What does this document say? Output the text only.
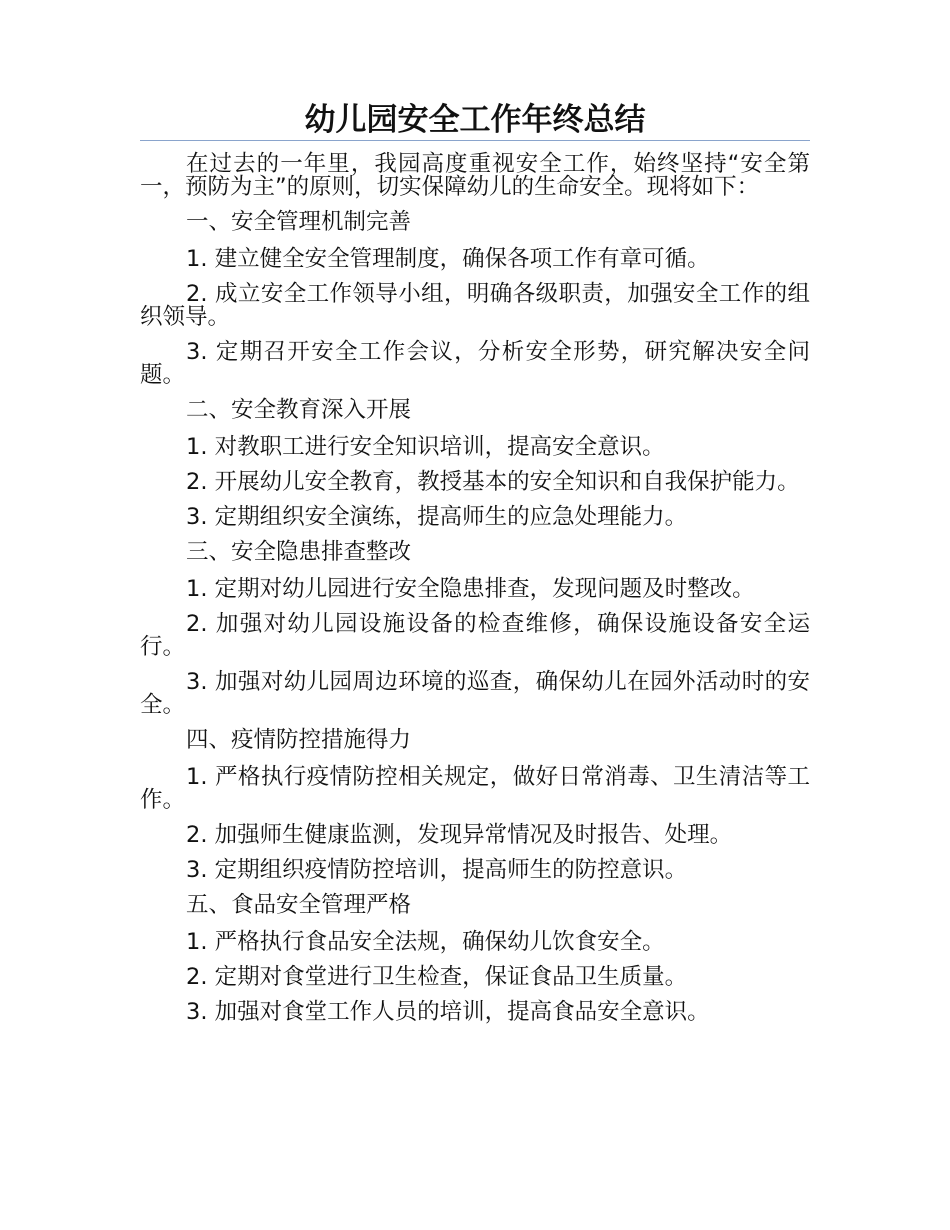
幼儿园安全工作年终总结

在过去的一年里，我园高度重视安全工作，始终坚持“安全第一，预防为主”的原则，切实保障幼儿的生命安全。现将如下：

一、安全管理机制完善

1. 建立健全安全管理制度，确保各项工作有章可循。

2. 成立安全工作领导小组，明确各级职责，加强安全工作的组织领导。

3. 定期召开安全工作会议，分析安全形势，研究解决安全问题。

二、安全教育深入开展

1. 对教职工进行安全知识培训，提高安全意识。

2. 开展幼儿安全教育，教授基本的安全知识和自我保护能力。

3. 定期组织安全演练，提高师生的应急处理能力。

三、安全隐患排查整改

1. 定期对幼儿园进行安全隐患排查，发现问题及时整改。

2. 加强对幼儿园设施设备的检查维修，确保设施设备安全运行。

3. 加强对幼儿园周边环境的巡查，确保幼儿在园外活动时的安全。

四、疫情防控措施得力

1. 严格执行疫情防控相关规定，做好日常消毒、卫生清洁等工作。

2. 加强师生健康监测，发现异常情况及时报告、处理。

3. 定期组织疫情防控培训，提高师生的防控意识。

五、食品安全管理严格

1. 严格执行食品安全法规，确保幼儿饮食安全。

2. 定期对食堂进行卫生检查，保证食品卫生质量。

3. 加强对食堂工作人员的培训，提高食品安全意识。
